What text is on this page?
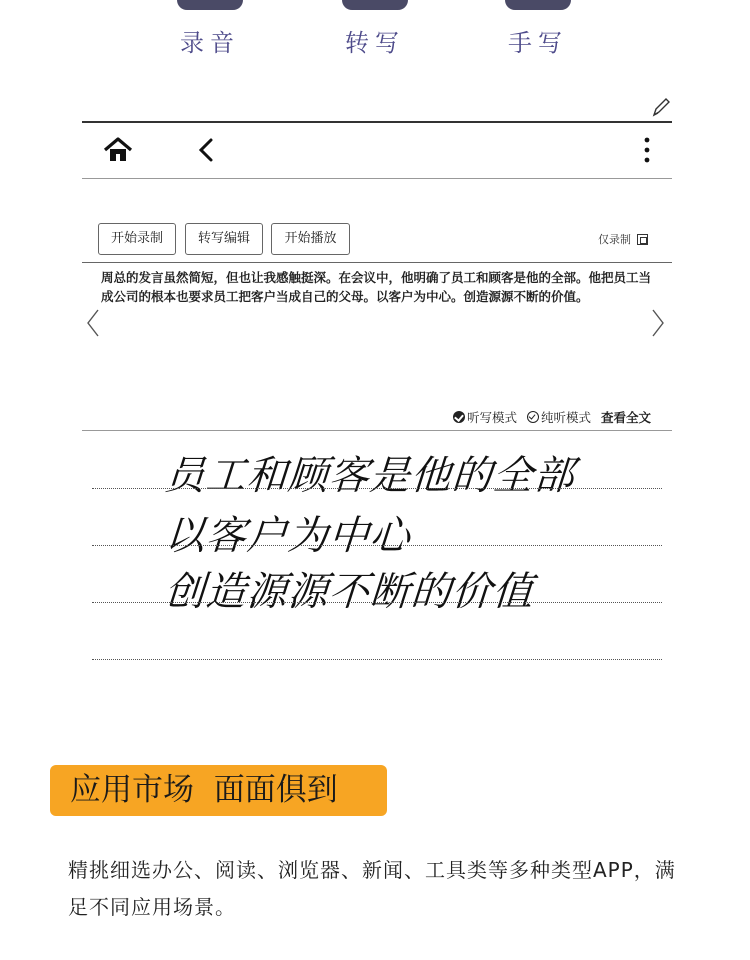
录音	转写	手写
开始录制	转写编辑	开始播放	仅录制
周总的发言虽然简短，但也让我感触挺深。在会议中，他明确了员工和顾客是他的全部。他把员工当成公司的根本也要求员工把客户当成自己的父母。以客户为中心。创造源源不断的价值。
听写模式 纯听模式 查看全文
员工和顾客是他的全部
以客户为中心
创造源源不断的价值
应用市场  面面俱到
精挑细选办公、阅读、浏览器、新闻、工具类等多种类型APP，满足不同应用场景。
